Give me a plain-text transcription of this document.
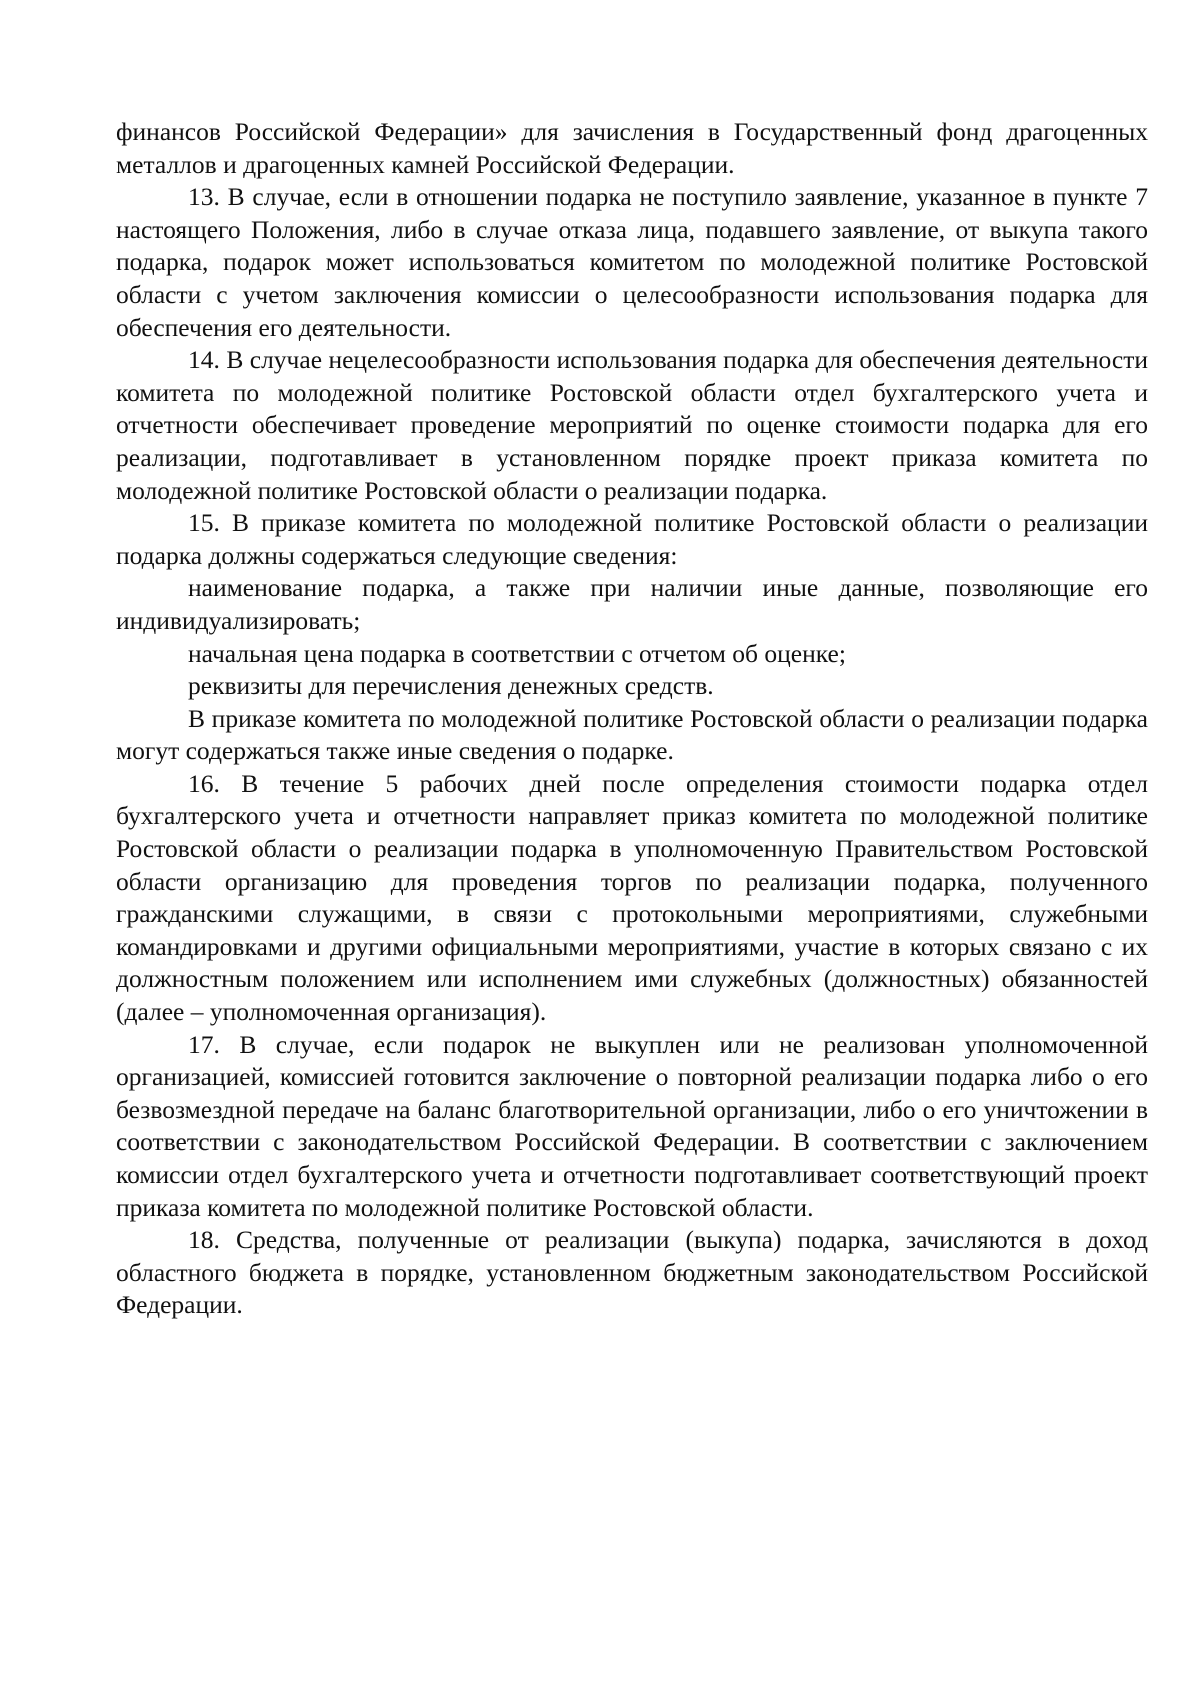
финансов Российской Федерации» для зачисления в Государственный фонд драгоценных металлов и драгоценных камней Российской Федерации.

13. В случае, если в отношении подарка не поступило заявление, указанное в пункте 7 настоящего Положения, либо в случае отказа лица, подавшего заявление, от выкупа такого подарка, подарок может использоваться комитетом по молодежной политике Ростовской области с учетом заключения комиссии о целесообразности использования подарка для обеспечения его деятельности.

14. В случае нецелесообразности использования подарка для обеспечения деятельности комитета по молодежной политике Ростовской области отдел бухгалтерского учета и отчетности обеспечивает проведение мероприятий по оценке стоимости подарка для его реализации, подготавливает в установленном порядке проект приказа комитета по молодежной политике Ростовской области о реализации подарка.

15. В приказе комитета по молодежной политике Ростовской области о реализации подарка должны содержаться следующие сведения:

наименование подарка, а также при наличии иные данные, позволяющие его индивидуализировать;

начальная цена подарка в соответствии с отчетом об оценке;

реквизиты для перечисления денежных средств.

В приказе комитета по молодежной политике Ростовской области о реализации подарка могут содержаться также иные сведения о подарке.

16. В течение 5 рабочих дней после определения стоимости подарка отдел бухгалтерского учета и отчетности направляет приказ комитета по молодежной политике Ростовской области о реализации подарка в уполномоченную Правительством Ростовской области организацию для проведения торгов по реализации подарка, полученного гражданскими служащими, в связи с протокольными мероприятиями, служебными командировками и другими официальными мероприятиями, участие в которых связано с их должностным положением или исполнением ими служебных (должностных) обязанностей (далее – уполномоченная организация).

17. В случае, если подарок не выкуплен или не реализован уполномоченной организацией, комиссией готовится заключение о повторной реализации подарка либо о его безвозмездной передаче на баланс благотворительной организации, либо о его уничтожении в соответствии с законодательством Российской Федерации. В соответствии с заключением комиссии отдел бухгалтерского учета и отчетности подготавливает соответствующий проект приказа комитета по молодежной политике Ростовской области.

18. Средства, полученные от реализации (выкупа) подарка, зачисляются в доход областного бюджета в порядке, установленном бюджетным законодательством Российской Федерации.
